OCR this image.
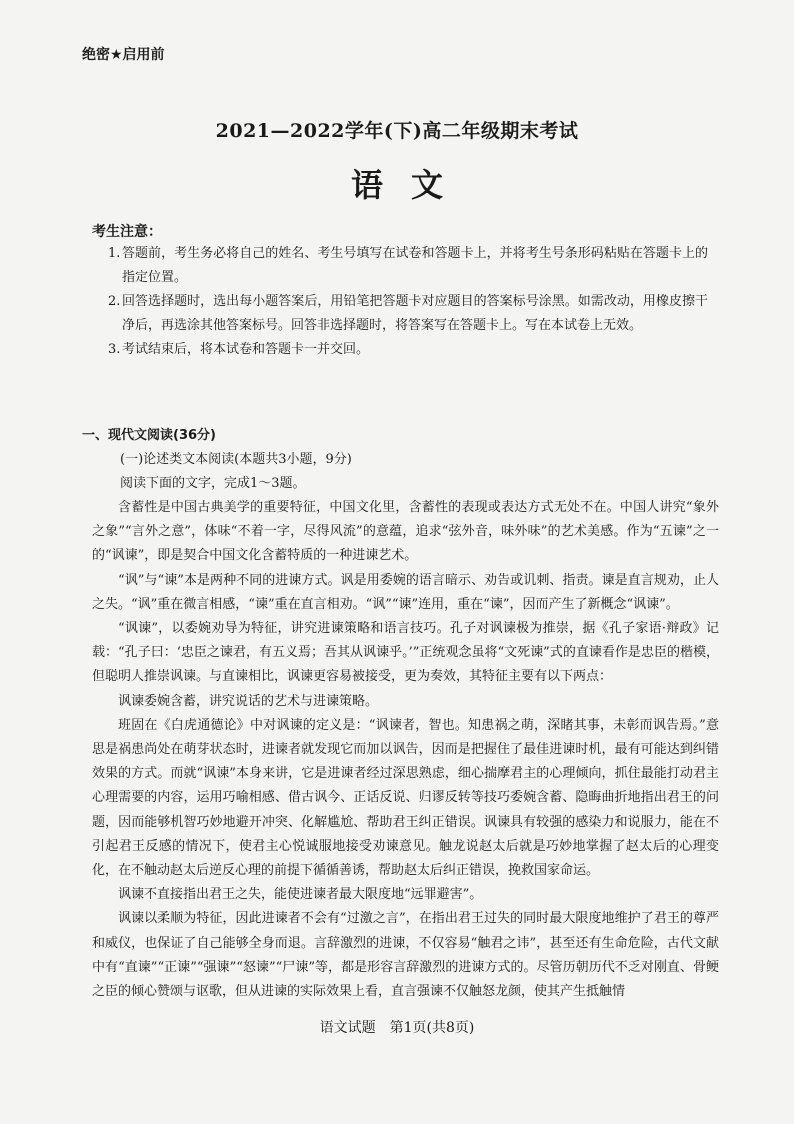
绝密★启用前
2021—2022学年(下)高二年级期末考试
语文
考生注意：
1. 答题前，考生务必将自己的姓名、考生号填写在试卷和答题卡上，并将考生号条形码粘贴在答题卡上的指定位置。
2. 回答选择题时，选出每小题答案后，用铅笔把答题卡对应题目的答案标号涂黑。如需改动，用橡皮擦干净后，再选涂其他答案标号。回答非选择题时，将答案写在答题卡上。写在本试卷上无效。
3. 考试结束后，将本试卷和答题卡一并交回。
一、现代文阅读(36分)
(一)论述类文本阅读(本题共3小题，9分)
阅读下面的文字，完成1～3题。

含蓄性是中国古典美学的重要特征，中国文化里，含蓄性的表现或表达方式无处不在。中国人讲究“象外之象”“言外之意”，体味“不着一字，尽得风流”的意蕴，追求“弦外音，味外味”的艺术美感。作为“五谏”之一的“讽谏”，即是契合中国文化含蓄特质的一种进谏艺术。

“讽”与“谏”本是两种不同的进谏方式。讽是用委婉的语言暗示、劝告或讥刺、指责。谏是直言规劝，止人之失。“讽”重在微言相感，“谏”重在直言相劝。“讽”“谏”连用，重在“谏”，因而产生了新概念“讽谏”。

“讽谏”，以委婉劝导为特征，讲究进谏策略和语言技巧。孔子对讽谏极为推崇，据《孔子家语·辩政》记载：“孔子曰：‘忠臣之谏君，有五义焉；吾其从讽谏乎。’”正统观念虽将“文死谏”式的直谏看作是忠臣的楷模，但聪明人推崇讽谏。与直谏相比，讽谏更容易被接受，更为奏效，其特征主要有以下两点：

讽谏委婉含蓄，讲究说话的艺术与进谏策略。

班固在《白虎通德论》中对讽谏的定义是：“讽谏者，智也。知患祸之萌，深睹其事，未彰而讽告焉。”意思是祸患尚处在萌芽状态时，进谏者就发现它而加以讽告，因而是把握住了最佳进谏时机，最有可能达到纠错效果的方式。而就“讽谏”本身来讲，它是进谏者经过深思熟虑，细心揣摩君主的心理倾向，抓住最能打动君主心理需要的内容，运用巧喻相感、借古讽今、正话反说、归谬反转等技巧委婉含蓄、隐晦曲折地指出君王的问题，因而能够机智巧妙地避开冲突、化解尴尬、帮助君王纠正错误。讽谏具有较强的感染力和说服力，能在不引起君王反感的情况下，使君主心悦诚服地接受劝谏意见。触龙说赵太后就是巧妙地掌握了赵太后的心理变化，在不触动赵太后逆反心理的前提下循循善诱，帮助赵太后纠正错误，挽救国家命运。

讽谏不直接指出君王之失，能使进谏者最大限度地“远罪避害”。

讽谏以柔顺为特征，因此进谏者不会有“过激之言”，在指出君王过失的同时最大限度地维护了君王的尊严和威仪，也保证了自己能够全身而退。言辞激烈的进谏，不仅容易“触君之讳”，甚至还有生命危险，古代文献中有“直谏”“正谏”“强谏”“怒谏”“尸谏”等，都是形容言辞激烈的进谏方式的。尽管历朝历代不乏对刚直、骨鲠之臣的倾心赞颂与讴歌，但从进谏的实际效果上看，直言强谏不仅触怒龙颜，使其产生抵触情

语文试题　第1页(共8页)
